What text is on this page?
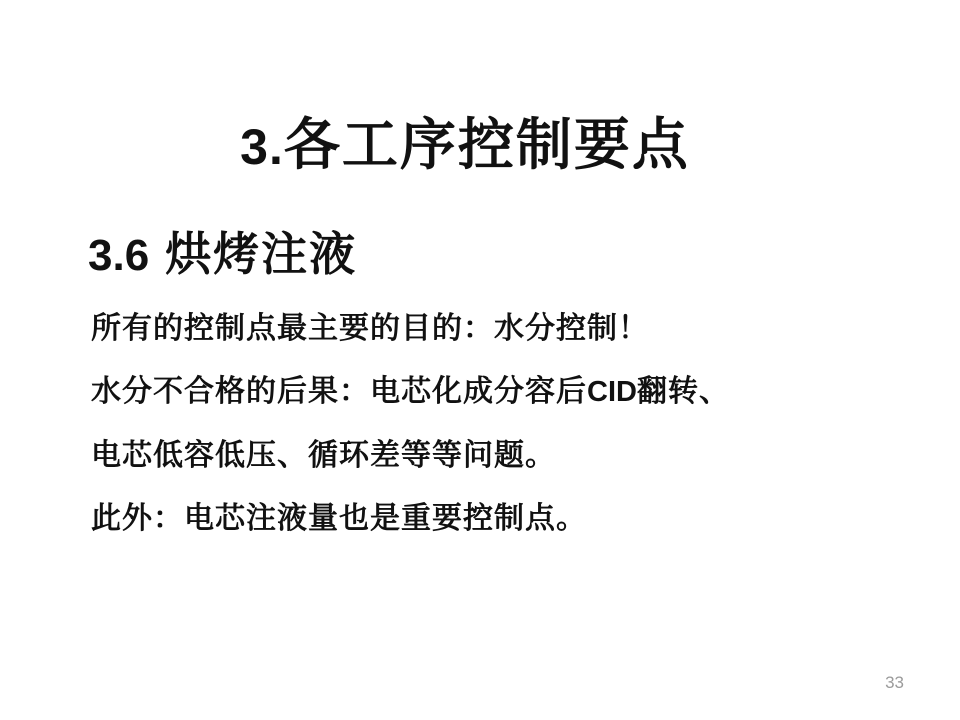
3.各工序控制要点
3.6 烘烤注液

所有的控制点最主要的目的：水分控制！

水分不合格的后果：电芯化成分容后CID翻转、

电芯低容低压、循环差等等问题。

此外：电芯注液量也是重要控制点。

33
